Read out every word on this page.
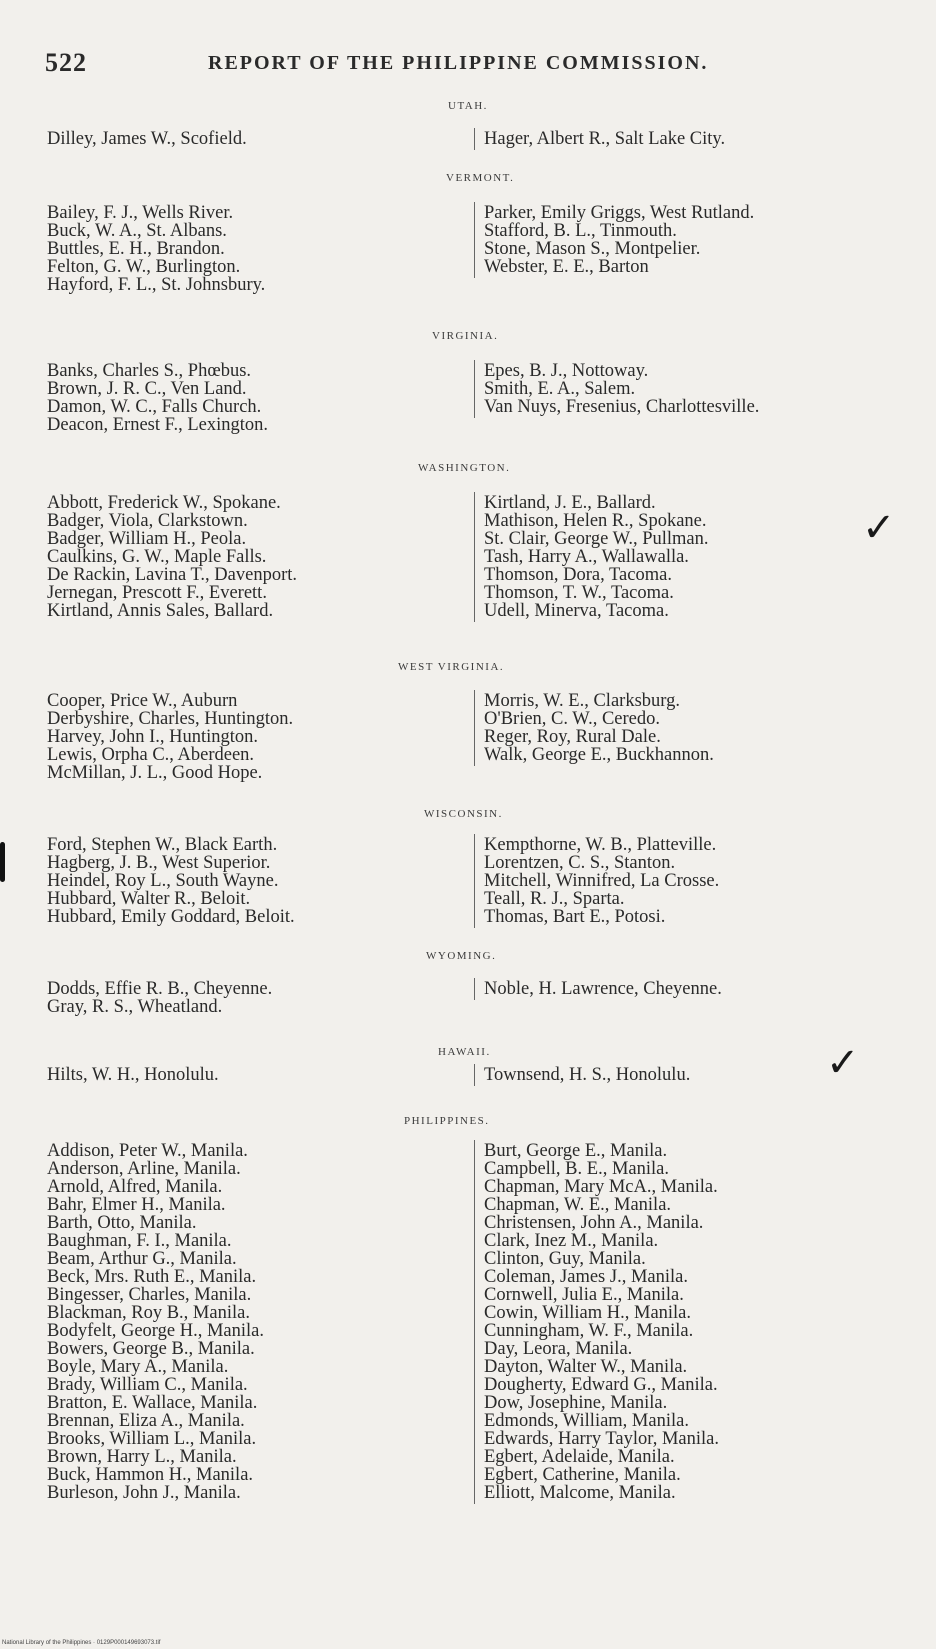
522	REPORT OF THE PHILIPPINE COMMISSION.
UTAH.
Dilley, James W., Scofield.	Hager, Albert R., Salt Lake City.
VERMONT.
Bailey, F. J., Wells River.
Buck, W. A., St. Albans.
Buttles, E. H., Brandon.
Felton, G. W., Burlington.
Hayford, F. L., St. Johnsbury.
Parker, Emily Griggs, West Rutland.
Stafford, B. L., Tinmouth.
Stone, Mason S., Montpelier.
Webster, E. E., Barton
VIRGINIA.
Banks, Charles S., Phœbus.
Brown, J. R. C., Ven Land.
Damon, W. C., Falls Church.
Deacon, Ernest F., Lexington.
Epes, B. J., Nottoway.
Smith, E. A., Salem.
Van Nuys, Fresenius, Charlottesville.
WASHINGTON.
Abbott, Frederick W., Spokane.
Badger, Viola, Clarkstown.
Badger, William H., Peola.
Caulkins, G. W., Maple Falls.
De Rackin, Lavina T., Davenport.
Jernegan, Prescott F., Everett.
Kirtland, Annis Sales, Ballard.
Kirtland, J. E., Ballard.
Mathison, Helen R., Spokane.
St. Clair, George W., Pullman.
Tash, Harry A., Wallawalla.
Thomson, Dora, Tacoma.
Thomson, T. W., Tacoma.
Udell, Minerva, Tacoma.
WEST VIRGINIA.
Cooper, Price W., Auburn
Derbyshire, Charles, Huntington.
Harvey, John I., Huntington.
Lewis, Orpha C., Aberdeen.
McMillan, J. L., Good Hope.
Morris, W. E., Clarksburg.
O'Brien, C. W., Ceredo.
Reger, Roy, Rural Dale.
Walk, George E., Buckhannon.
WISCONSIN.
Ford, Stephen W., Black Earth.
Hagberg, J. B., West Superior.
Heindel, Roy L., South Wayne.
Hubbard, Walter R., Beloit.
Hubbard, Emily Goddard, Beloit.
Kempthorne, W. B., Platteville.
Lorentzen, C. S., Stanton.
Mitchell, Winnifred, La Crosse.
Teall, R. J., Sparta.
Thomas, Bart E., Potosi.
WYOMING.
Dodds, Effie R. B., Cheyenne.
Gray, R. S., Wheatland.
Noble, H. Lawrence, Cheyenne.
HAWAII.
Hilts, W. H., Honolulu.	Townsend, H. S., Honolulu.
PHILIPPINES.
Addison, Peter W., Manila.
Anderson, Arline, Manila.
Arnold, Alfred, Manila.
Bahr, Elmer H., Manila.
Barth, Otto, Manila.
Baughman, F. I., Manila.
Beam, Arthur G., Manila.
Beck, Mrs. Ruth E., Manila.
Bingesser, Charles, Manila.
Blackman, Roy B., Manila.
Bodyfelt, George H., Manila.
Bowers, George B., Manila.
Boyle, Mary A., Manila.
Brady, William C., Manila.
Bratton, E. Wallace, Manila.
Brennan, Eliza A., Manila.
Brooks, William L., Manila.
Brown, Harry L., Manila.
Buck, Hammon H., Manila.
Burleson, John J., Manila.
Burt, George E., Manila.
Campbell, B. E., Manila.
Chapman, Mary McA., Manila.
Chapman, W. E., Manila.
Christensen, John A., Manila.
Clark, Inez M., Manila.
Clinton, Guy, Manila.
Coleman, James J., Manila.
Cornwell, Julia E., Manila.
Cowin, William H., Manila.
Cunningham, W. F., Manila.
Day, Leora, Manila.
Dayton, Walter W., Manila.
Dougherty, Edward G., Manila.
Dow, Josephine, Manila.
Edmonds, William, Manila.
Edwards, Harry Taylor, Manila.
Egbert, Adelaide, Manila.
Egbert, Catherine, Manila.
Elliott, Malcome, Manila.
✓
✓
National Library of the Philippines · 0129P000149693073.tif
